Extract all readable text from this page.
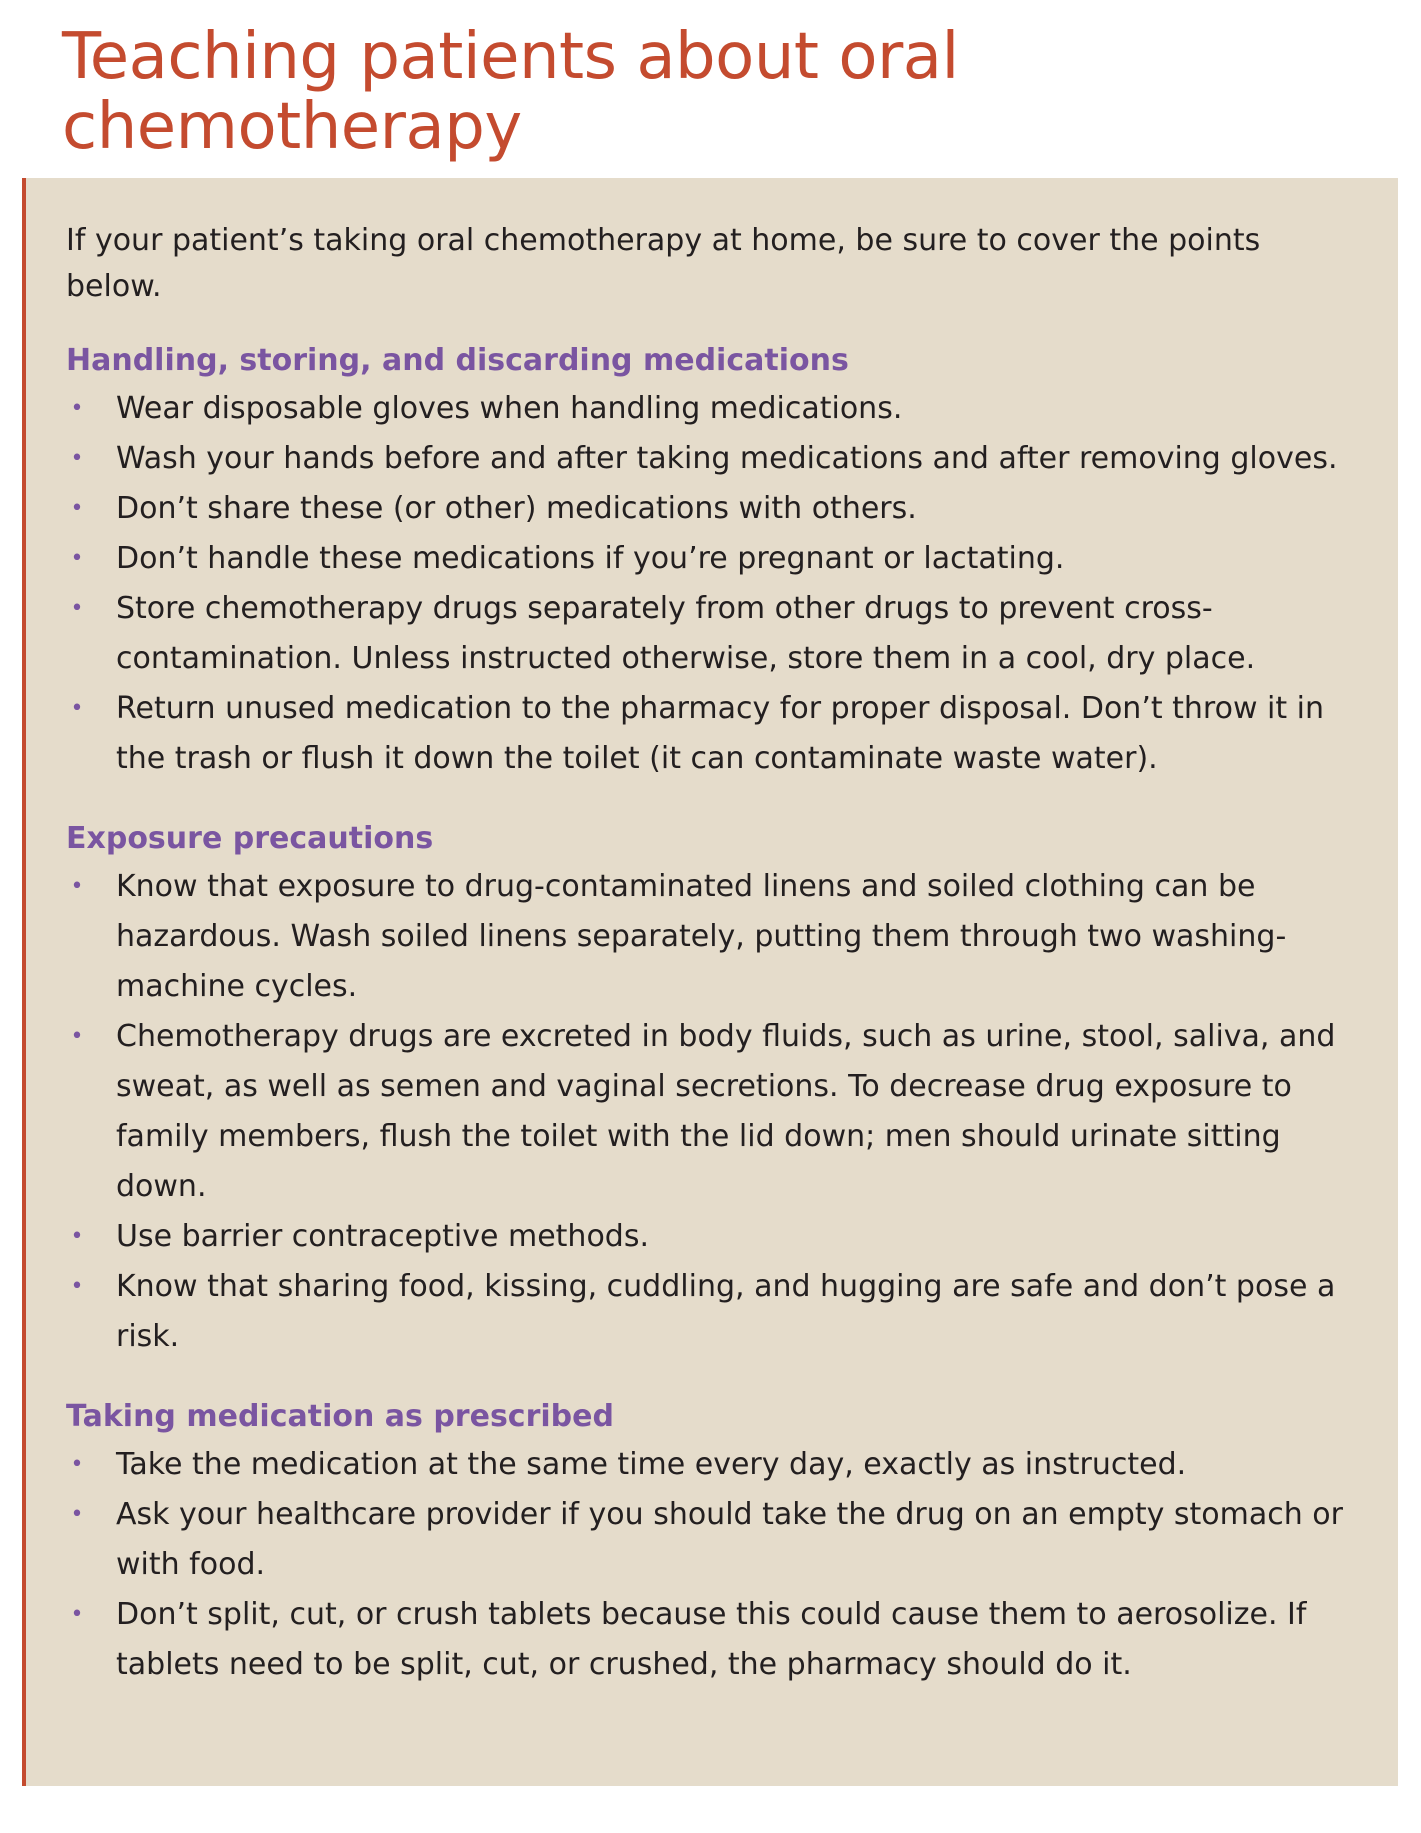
Teaching patients about oral chemotherapy

If your patient’s taking oral chemotherapy at home, be sure to cover the points below.

Handling, storing, and discarding medications
• Wear disposable gloves when handling medications.
• Wash your hands before and after taking medications and after removing gloves.
• Don’t share these (or other) medications with others.
• Don’t handle these medications if you’re pregnant or lactating.
• Store chemotherapy drugs separately from other drugs to prevent cross-contamination. Unless instructed otherwise, store them in a cool, dry place.
• Return unused medication to the pharmacy for proper disposal. Don’t throw it in the trash or flush it down the toilet (it can contaminate waste water).
Exposure precautions
• Know that exposure to drug-contaminated linens and soiled clothing can be hazardous. Wash soiled linens separately, putting them through two washing-machine cycles.
• Chemotherapy drugs are excreted in body fluids, such as urine, stool, saliva, and sweat, as well as semen and vaginal secretions. To decrease drug exposure to family members, flush the toilet with the lid down; men should urinate sitting down.
• Use barrier contraceptive methods.
• Know that sharing food, kissing, cuddling, and hugging are safe and don’t pose a risk.
Taking medication as prescribed
• Take the medication at the same time every day, exactly as instructed.
• Ask your healthcare provider if you should take the drug on an empty stomach or with food.
• Don’t split, cut, or crush tablets because this could cause them to aerosolize. If tablets need to be split, cut, or crushed, the pharmacy should do it.
